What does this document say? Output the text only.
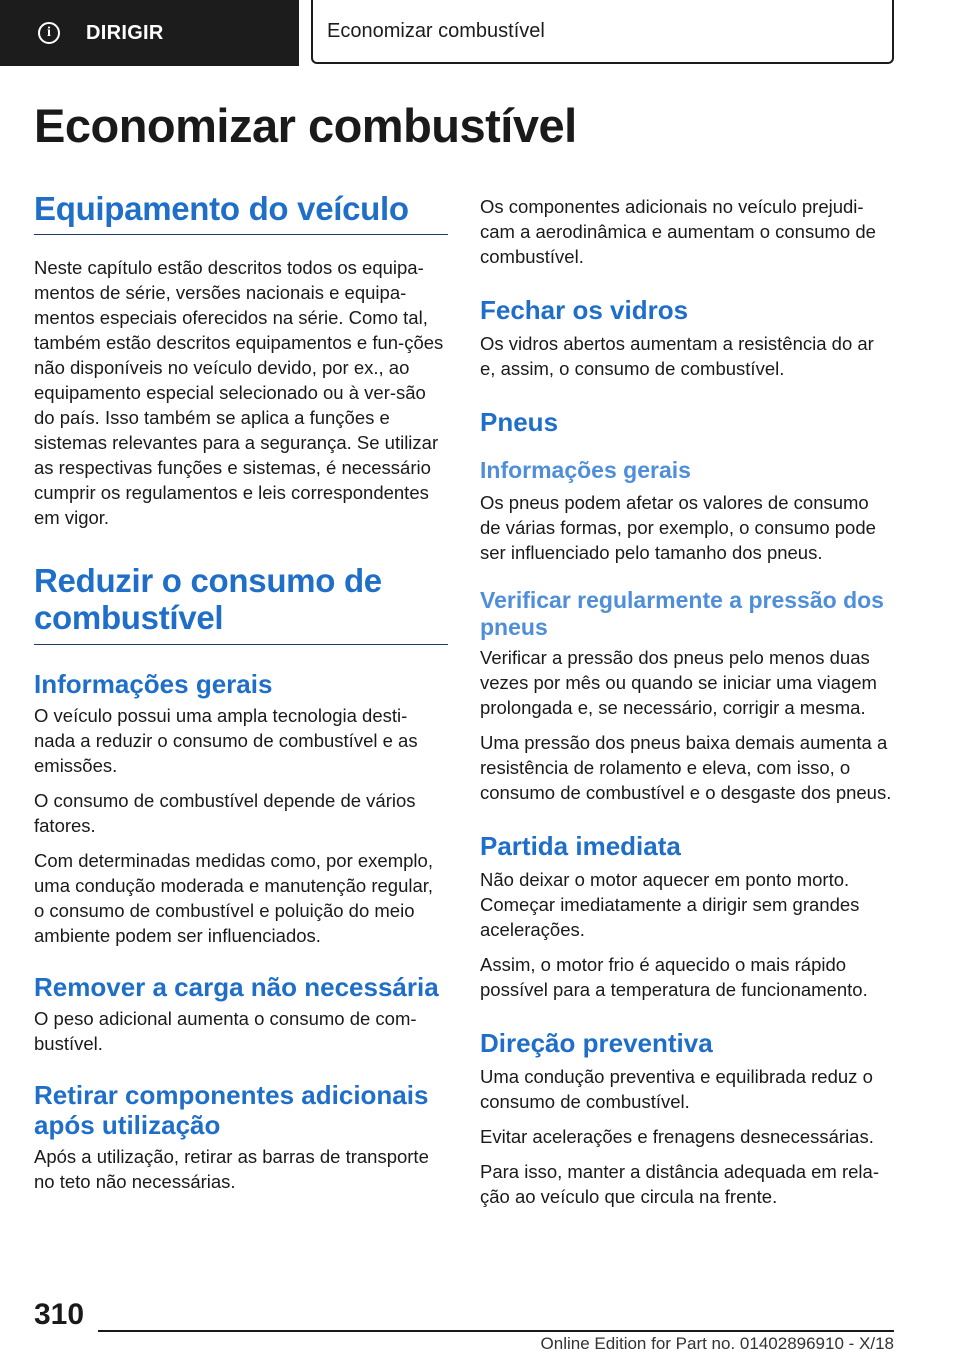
i	DIRIGIR	Economizar combustível
Economizar combustível
Equipamento do veículo

Neste capítulo estão descritos todos os equipa-mentos de série, versões nacionais e equipa-mentos especiais oferecidos na série. Como tal, também estão descritos equipamentos e fun-ções não disponíveis no veículo devido, por ex., ao equipamento especial selecionado ou à ver-são do país. Isso também se aplica a funções e sistemas relevantes para a segurança. Se utilizar as respectivas funções e sistemas, é necessário cumprir os regulamentos e leis correspondentes em vigor.

Reduzir o consumo de combustível
Informações gerais

O veículo possui uma ampla tecnologia desti-nada a reduzir o consumo de combustível e as emissões.

O consumo de combustível depende de vários fatores.

Com determinadas medidas como, por exemplo, uma condução moderada e manutenção regular, o consumo de combustível e poluição do meio ambiente podem ser influenciados.

Remover a carga não necessária

O peso adicional aumenta o consumo de com-bustível.

Retirar componentes adicionais após utilização

Após a utilização, retirar as barras de transporte no teto não necessárias.

Os componentes adicionais no veículo prejudi-cam a aerodinâmica e aumentam o consumo de combustível.

Fechar os vidros

Os vidros abertos aumentam a resistência do ar e, assim, o consumo de combustível.

Pneus
Informações gerais

Os pneus podem afetar os valores de consumo de várias formas, por exemplo, o consumo pode ser influenciado pelo tamanho dos pneus.

Verificar regularmente a pressão dos pneus

Verificar a pressão dos pneus pelo menos duas vezes por mês ou quando se iniciar uma viagem prolongada e, se necessário, corrigir a mesma.

Uma pressão dos pneus baixa demais aumenta a resistência de rolamento e eleva, com isso, o consumo de combustível e o desgaste dos pneus.

Partida imediata

Não deixar o motor aquecer em ponto morto. Começar imediatamente a dirigir sem grandes acelerações.

Assim, o motor frio é aquecido o mais rápido possível para a temperatura de funcionamento.

Direção preventiva

Uma condução preventiva e equilibrada reduz o consumo de combustível.

Evitar acelerações e frenagens desnecessárias.

Para isso, manter a distância adequada em rela-ção ao veículo que circula na frente.

310
Online Edition for Part no. 01402896910 - X/18
